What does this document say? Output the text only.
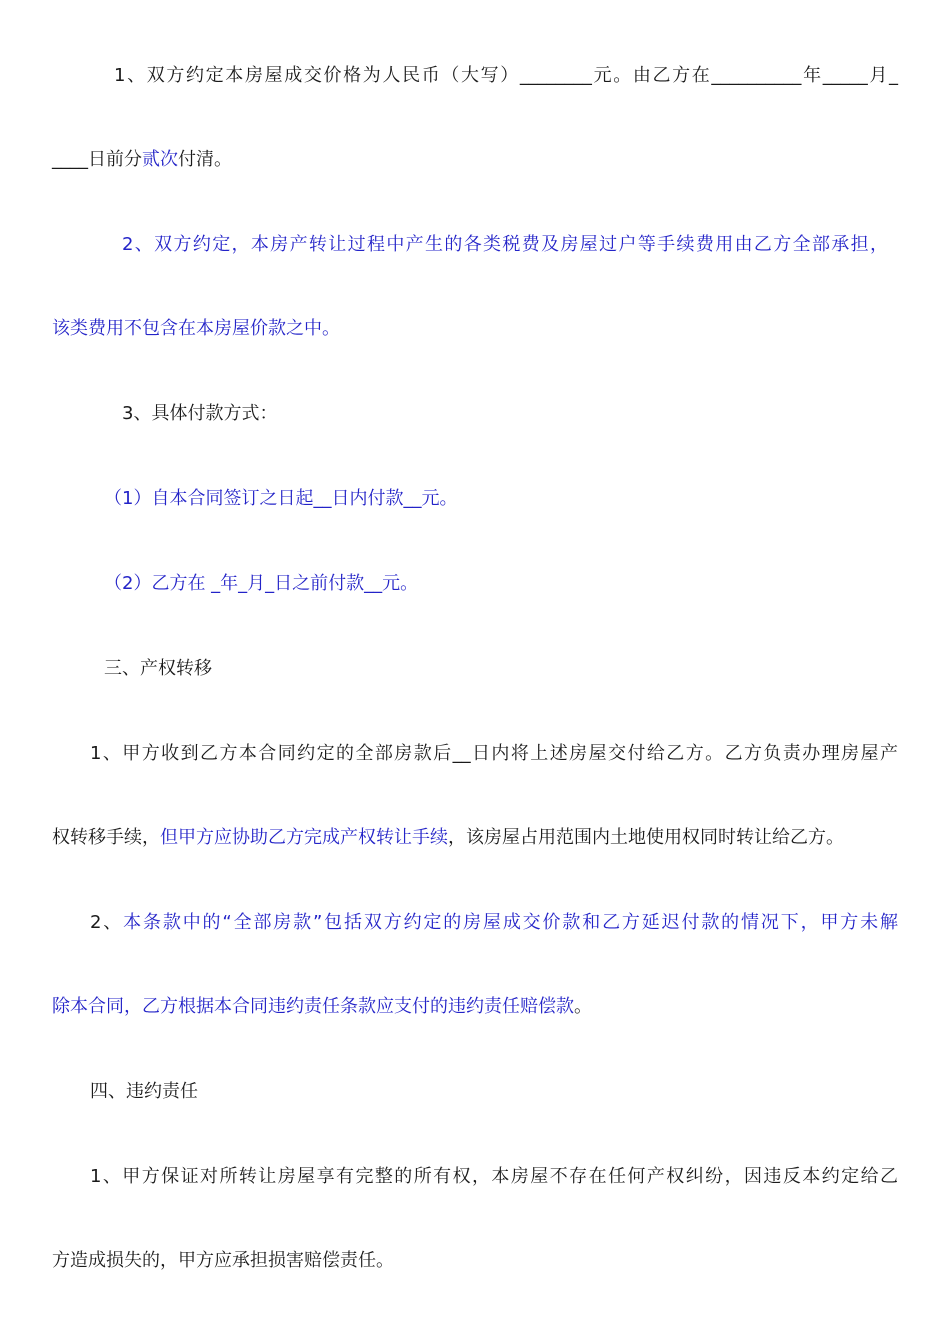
1、双方约定本房屋成交价格为人民币（大写）________元。由乙方在__________年_____月_
____日前分贰次付清。
2、双方约定，本房产转让过程中产生的各类税费及房屋过户等手续费用由乙方全部承担，
该类费用不包含在本房屋价款之中。
3、具体付款方式：
（1）自本合同签订之日起__日内付款__元。
（2）乙方在 _年_月_日之前付款__元。
三、产权转移
1、甲方收到乙方本合同约定的全部房款后__日内将上述房屋交付给乙方。乙方负责办理房屋产
权转移手续，但甲方应协助乙方完成产权转让手续，该房屋占用范围内土地使用权同时转让给乙方。
2、本条款中的“全部房款”包括双方约定的房屋成交价款和乙方延迟付款的情况下，甲方未解
除本合同，乙方根据本合同违约责任条款应支付的违约责任赔偿款。
四、违约责任
1、甲方保证对所转让房屋享有完整的所有权，本房屋不存在任何产权纠纷，因违反本约定给乙
方造成损失的，甲方应承担损害赔偿责任。
